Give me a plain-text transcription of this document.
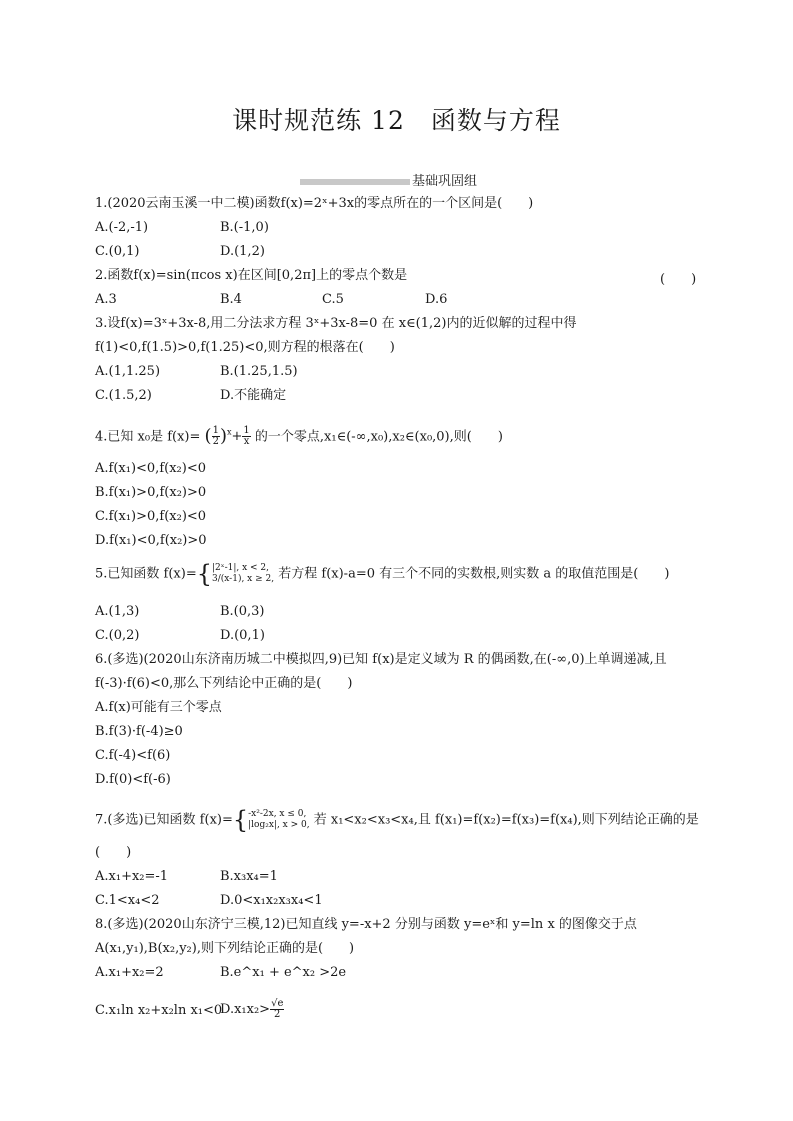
课时规范练 12　函数与方程
基础巩固组
1.(2020云南玉溪一中二模)函数f(x)=2ˣ+3x的零点所在的一个区间是(　　)
A.(-2,-1)	B.(-1,0)
C.(0,1)	D.(1,2)
2.函数f(x)=sin(πcos x)在区间[0,2π]上的零点个数是	(　　)
A.3	B.4	C.5	D.6
3.设f(x)=3ˣ+3x-8,用二分法求方程 3ˣ+3x-8=0 在 x∈(1,2)内的近似解的过程中得
f(1)<0,f(1.5)>0,f(1.25)<0,则方程的根落在(　　)
A.(1,1.25)	B.(1.25,1.5)
C.(1.5,2)	D.不能确定
4.已知 x₀是 f(x)= ( $\frac{1}{2} )^x+ \frac{1}{x}$ 的一个零点,x₁∈(-∞,x₀),x₂∈(x₀,0),则(　　)
A.f(x₁)<0,f(x₂)<0
B.f(x₁)>0,f(x₂)>0
C.f(x₁)>0,f(x₂)<0
D.f(x₁)<0,f(x₂)>0
5.已知函数 f(x)={ |2ˣ-1|, x < 2,
3/(x-1), x ≥ 2, 若方程 f(x)-a=0 有三个不同的实数根,则实数 a 的取值范围是(　　)
A.(1,3)	B.(0,3)
C.(0,2)	D.(0,1)
6.(多选)(2020山东济南历城二中模拟四,9)已知 f(x)是定义域为 R 的偶函数,在(-∞,0)上单调递减,且
f(-3)·f(6)<0,那么下列结论中正确的是(　　)
A.f(x)可能有三个零点
B.f(3)·f(-4)≥0
C.f(-4)<f(6)
D.f(0)<f(-6)
7.(多选)已知函数 f(x)={ -x²-2x, x ≤ 0,
|log₂x|, x > 0, 若 x₁<x₂<x₃<x₄,且 f(x₁)=f(x₂)=f(x₃)=f(x₄),则下列结论正确的是
(　　)
A.x₁+x₂=-1	B.x₃x₄=1
C.1<x₄<2	D.0<x₁x₂x₃x₄<1
8.(多选)(2020山东济宁三模,12)已知直线 y=-x+2 分别与函数 y=eˣ和 y=ln x 的图像交于点
A(x₁,y₁),B(x₂,y₂),则下列结论正确的是(　　)
A.x₁+x₂=2	B.e^x₁ + e^x₂ >2e
C.x₁ln x₂+x₂ln x₁<0
$D.x_1x_2> \frac{√e}{2}$
